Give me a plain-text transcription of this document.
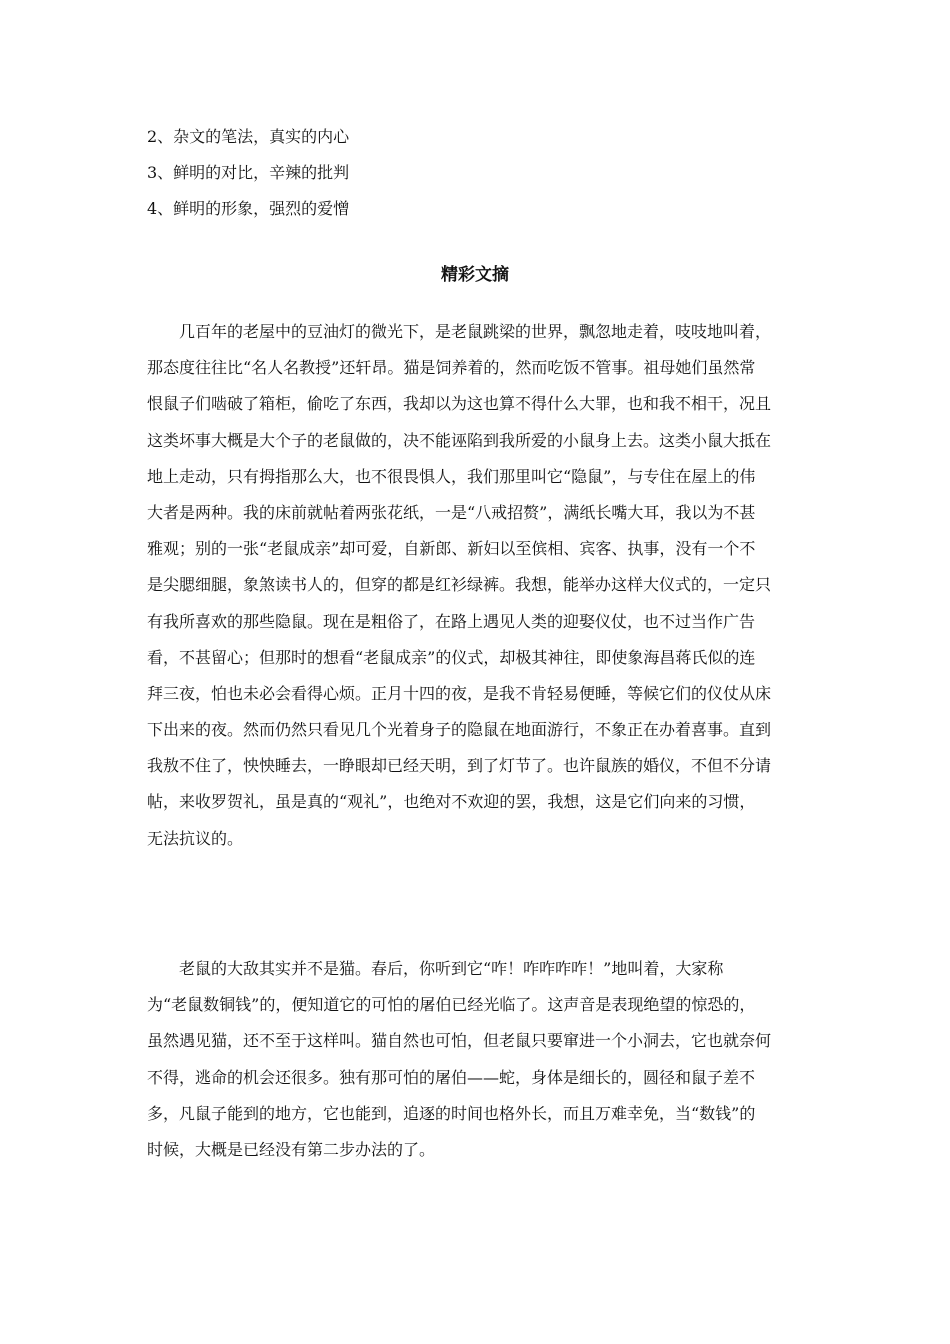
2、杂文的笔法，真实的内心
3、鲜明的对比，辛辣的批判
4、鲜明的形象，强烈的爱憎
精彩文摘
几百年的老屋中的豆油灯的微光下，是老鼠跳梁的世界，飘忽地走着，吱吱地叫着，
那态度往往比“名人名教授”还轩昂。猫是饲养着的，然而吃饭不管事。祖母她们虽然常
恨鼠子们啮破了箱柜，偷吃了东西，我却以为这也算不得什么大罪，也和我不相干，况且
这类坏事大概是大个子的老鼠做的，决不能诬陷到我所爱的小鼠身上去。这类小鼠大抵在
地上走动，只有拇指那么大，也不很畏惧人，我们那里叫它“隐鼠”，与专住在屋上的伟
大者是两种。我的床前就帖着两张花纸，一是“八戒招赘”，满纸长嘴大耳，我以为不甚
雅观；别的一张“老鼠成亲”却可爱，自新郎、新妇以至傧相、宾客、执事，没有一个不
是尖腮细腿，象煞读书人的，但穿的都是红衫绿裤。我想，能举办这样大仪式的，一定只
有我所喜欢的那些隐鼠。现在是粗俗了，在路上遇见人类的迎娶仪仗，也不过当作广告
看，不甚留心；但那时的想看“老鼠成亲”的仪式，却极其神往，即使象海昌蒋氏似的连
拜三夜，怕也未必会看得心烦。正月十四的夜，是我不肯轻易便睡，等候它们的仪仗从床
下出来的夜。然而仍然只看见几个光着身子的隐鼠在地面游行，不象正在办着喜事。直到
我敖不住了，怏怏睡去，一睁眼却已经天明，到了灯节了。也许鼠族的婚仪，不但不分请
帖，来收罗贺礼，虽是真的“观礼”，也绝对不欢迎的罢，我想，这是它们向来的习惯，
无法抗议的。
老鼠的大敌其实并不是猫。春后，你听到它“咋！咋咋咋咋！”地叫着，大家称
为“老鼠数铜钱”的，便知道它的可怕的屠伯已经光临了。这声音是表现绝望的惊恐的，
虽然遇见猫，还不至于这样叫。猫自然也可怕，但老鼠只要窜进一个小洞去，它也就奈何
不得，逃命的机会还很多。独有那可怕的屠伯——蛇，身体是细长的，圆径和鼠子差不
多，凡鼠子能到的地方，它也能到，追逐的时间也格外长，而且万难幸免，当“数钱”的
时候，大概是已经没有第二步办法的了。
